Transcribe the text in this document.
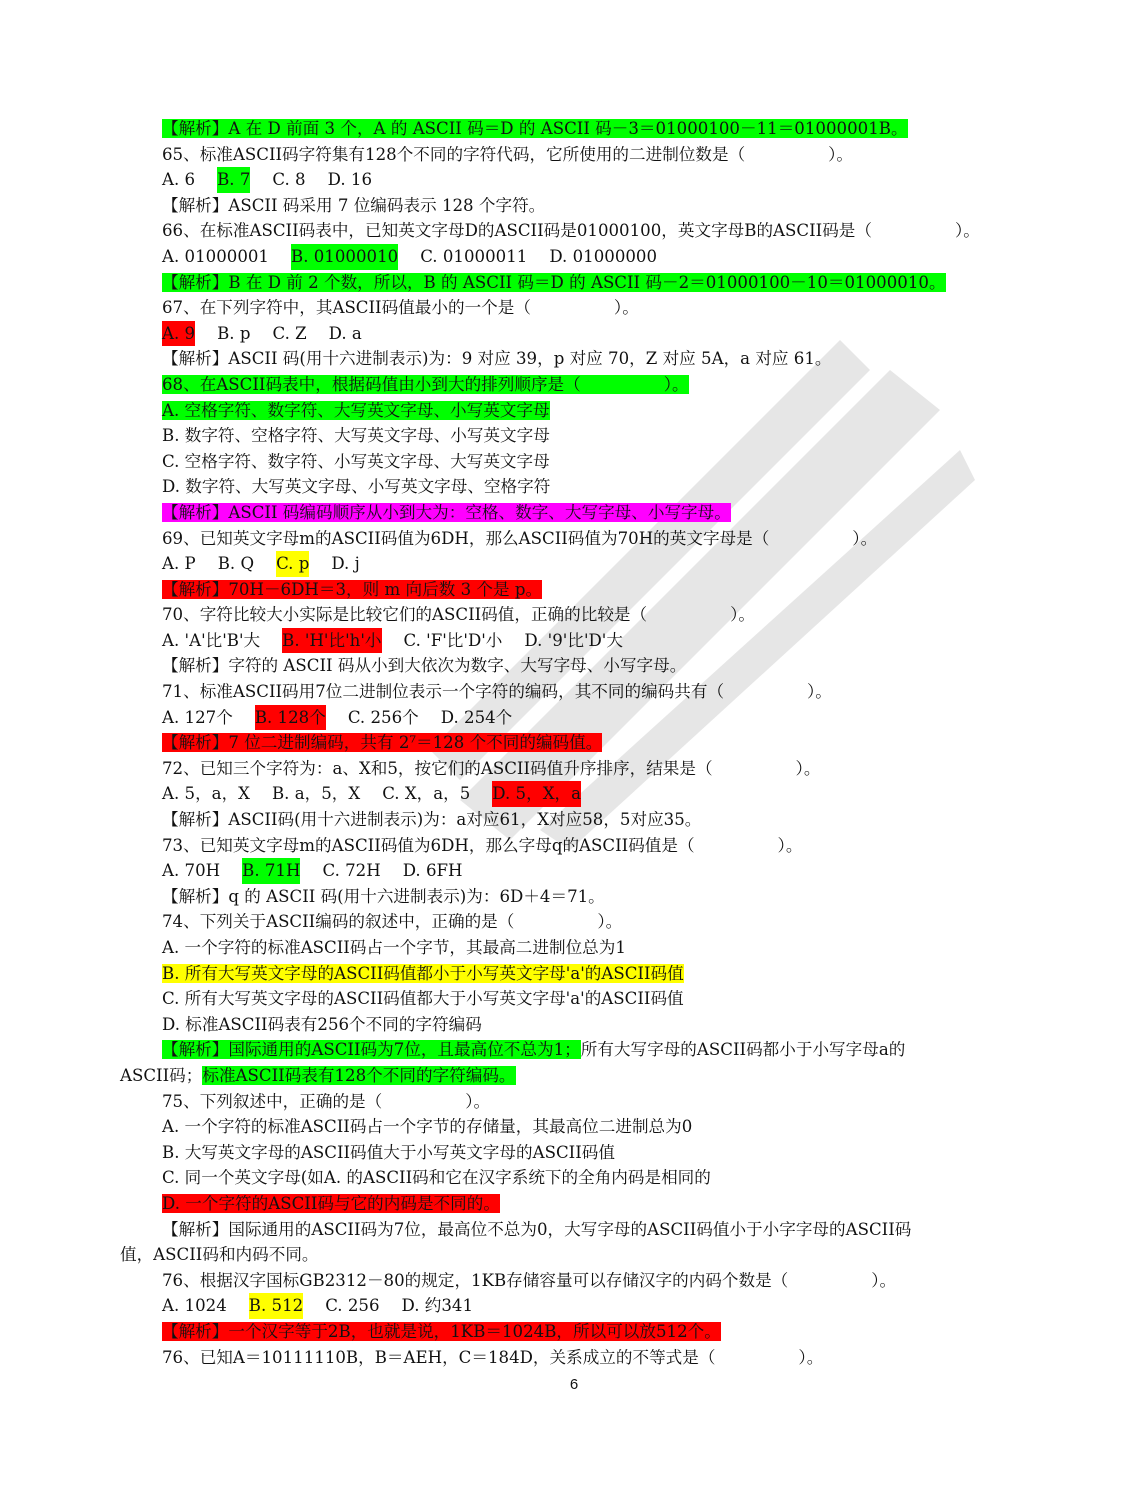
【解析】A 在 D 前面 3 个，A 的 ASCII 码＝D 的 ASCII 码－3＝01000100－11＝01000001B。
65、标准ASCII码字符集有128个不同的字符代码，它所使用的二进制位数是（　　　　　）。
A. 6 B. 7 C. 8 D. 16
【解析】ASCII 码采用 7 位编码表示 128 个字符。
66、在标准ASCII码表中，已知英文字母D的ASCII码是01000100，英文字母B的ASCII码是（　　　　　）。
A. 01000001 B. 01000010 C. 01000011 D. 01000000
【解析】B 在 D 前 2 个数，所以，B 的 ASCII 码＝D 的 ASCII 码－2＝01000100－10＝01000010。
67、在下列字符中，其ASCII码值最小的一个是（　　　　　）。
A. 9 B. p C. Z D. a
【解析】ASCII 码(用十六进制表示)为：9 对应 39，p 对应 70，Z 对应 5A，a 对应 61。
68、在ASCII码表中，根据码值由小到大的排列顺序是（　　　　　）。
A. 空格字符、数字符、大写英文字母、小写英文字母
B. 数字符、空格字符、大写英文字母、小写英文字母
C. 空格字符、数字符、小写英文字母、大写英文字母
D. 数字符、大写英文字母、小写英文字母、空格字符
【解析】ASCII 码编码顺序从小到大为：空格、数字、大写字母、小写字母。
69、已知英文字母m的ASCII码值为6DH，那么ASCII码值为70H的英文字母是（　　　　　）。
A. P B. Q C. p D. j
【解析】70H－6DH＝3，则 m 向后数 3 个是 p。
70、字符比较大小实际是比较它们的ASCII码值，正确的比较是（　　　　　）。
A. 'A'比'B'大 B. 'H'比'h'小 C. 'F'比'D'小 D. '9'比'D'大
【解析】字符的 ASCII 码从小到大依次为数字、大写字母、小写字母。
71、标准ASCII码用7位二进制位表示一个字符的编码，其不同的编码共有（　　　　　）。
A. 127个 B. 128个 C. 256个 D. 254个
【解析】7 位二进制编码，共有 2⁷＝128 个不同的编码值。
72、已知三个字符为：a、X和5，按它们的ASCII码值升序排序，结果是（　　　　　）。
A. 5，a，X B. a，5，X C. X，a，5 D. 5，X，a
【解析】ASCII码(用十六进制表示)为：a对应61，X对应58，5对应35。
73、已知英文字母m的ASCII码值为6DH，那么字母q的ASCII码值是（　　　　　）。
A. 70H B. 71H C. 72H D. 6FH
【解析】q 的 ASCII 码(用十六进制表示)为：6D＋4＝71。
74、下列关于ASCII编码的叙述中，正确的是（　　　　　）。
A. 一个字符的标准ASCII码占一个字节，其最高二进制位总为1
B. 所有大写英文字母的ASCII码值都小于小写英文字母'a'的ASCII码值
C. 所有大写英文字母的ASCII码值都大于小写英文字母'a'的ASCII码值
D. 标准ASCII码表有256个不同的字符编码
【解析】国际通用的ASCII码为7位，且最高位不总为1；所有大写字母的ASCII码都小于小写字母a的
ASCII码；标准ASCII码表有128个不同的字符编码。
75、下列叙述中，正确的是（　　　　　）。
A. 一个字符的标准ASCII码占一个字节的存储量，其最高位二进制总为0
B. 大写英文字母的ASCII码值大于小写英文字母的ASCII码值
C. 同一个英文字母(如A. 的ASCII码和它在汉字系统下的全角内码是相同的
D. 一个字符的ASCII码与它的内码是不同的。
【解析】国际通用的ASCII码为7位，最高位不总为0，大写字母的ASCII码值小于小字字母的ASCII码
值，ASCII码和内码不同。
76、根据汉字国标GB2312－80的规定，1KB存储容量可以存储汉字的内码个数是（　　　　　）。
A. 1024 B. 512 C. 256 D. 约341
【解析】一个汉字等于2B，也就是说，1KB＝1024B，所以可以放512个。
76、已知A＝10111110B，B＝AEH，C＝184D，关系成立的不等式是（　　　　　）。
6
